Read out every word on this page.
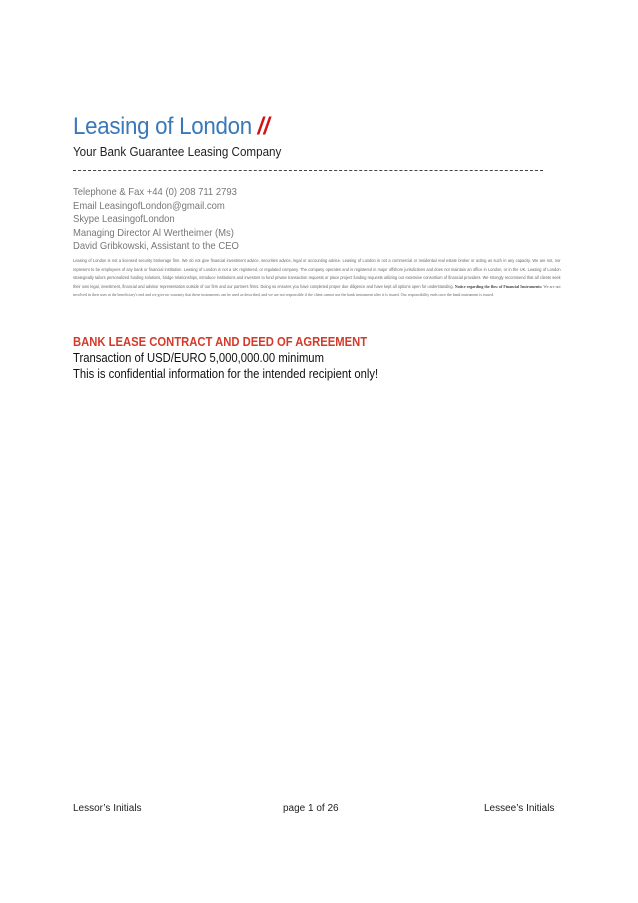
Leasing of London //
Your Bank Guarantee Leasing Company
Telephone & Fax +44 (0) 208 711 2793
Email LeasingofLondon@gmail.com
Skype LeasingofLondon
Managing Director Al Wertheimer (Ms)
David Gribkowski, Assistant to the CEO
Leasing of London is not a licensed security brokerage firm. We do not give financial investment advice, securities advice, legal or accounting advice. Leasing of London is not a commercial or residential real estate broker or acting as such in any capacity. We are not, nor represent to be employees of any bank or financial institution. Leasing of London is not a UK registered, or regulated company. The company operates and is registered in major offshore jurisdictions and does not maintain an office in London, or in the UK. Leasing of London strategically tailors personalized funding solutions, bridge relationships, introduce institutions and investors to fund private transaction requests or place project funding requests utilizing our extensive consortium of financial providers. We strongly recommend that all clients seek their own legal, investment, financial and advisor representation outside of our firm and our partners firms. Doing so ensures you have completed proper due diligence and have kept all options open for understanding. Notice regarding the flow of Financial Instruments: We are not involved in their uses at the beneficiary's end and we give no warranty that these instruments can be used as described, and we are not responsible if the client cannot use the bank instrument after it is issued. Our responsibility ends once the bank instrument is issued.
BANK LEASE CONTRACT AND DEED OF AGREEMENT
Transaction of USD/EURO 5,000,000.00 minimum
This is confidential information for the intended recipient only!
Lessor’s Initials	page 1 of 26	Lessee’s Initials
